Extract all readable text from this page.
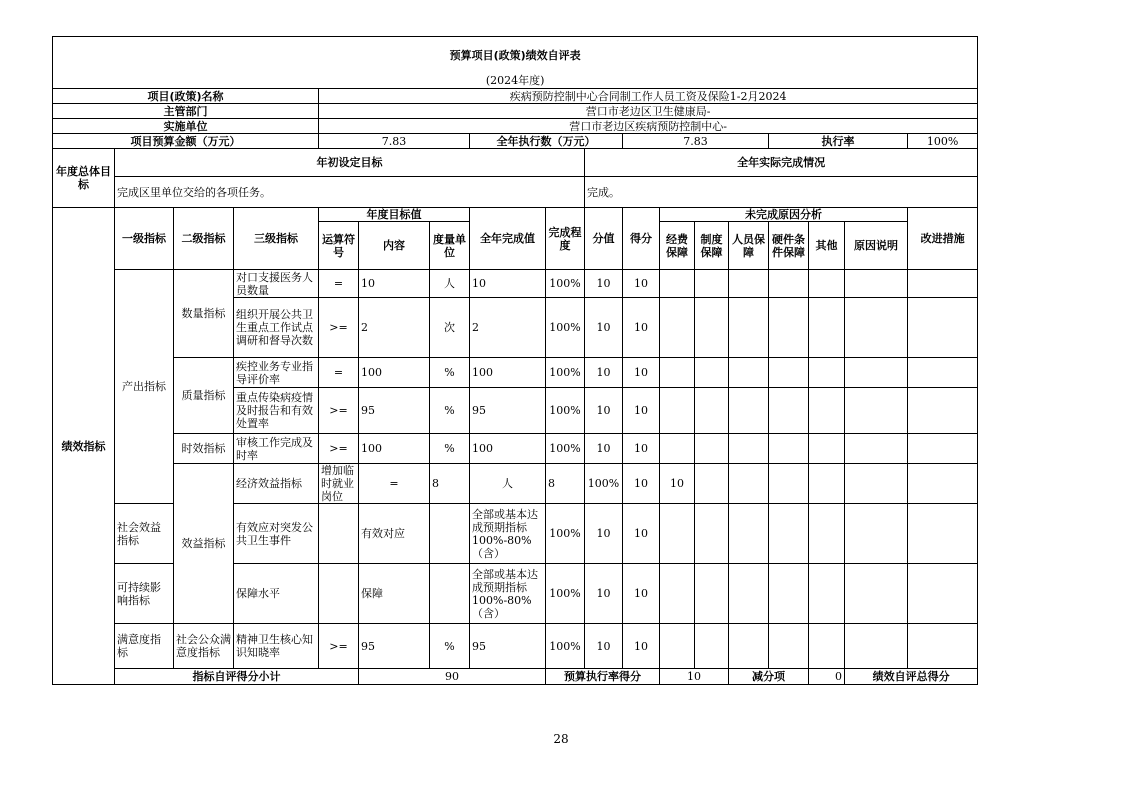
预算项目(政策)绩效自评表																		
(2024年度)																		
项目(政策)名称				疾病预防控制中心合同制工作人员工资及保险1-2月2024														
主管部门				营口市老边区卫生健康局-														
实施单位				营口市老边区疾病预防控制中心-														
项目预算金额（万元）				7.83			全年执行数（万元）			7.83				执行率			100%	
年度总体目标	年初设定目标								全年实际完成情况									
	完成区里单位交给的各项任务。								完成。									
绩效指标	一级指标	二级指标	三级指标	年度目标值			全年完成值	完成程度	分值	得分	未完成原因分析						改进措施	
				运算符号	内容	度量单位					经费保障	制度保障	人员保障	硬件条件保障	其他	原因说明		
	产出指标	数量指标	对口支援医务人员数量	=	10	人	10	100%	10	10								
			组织开展公共卫生重点工作试点调研和督导次数	>=	2	次	2	100%	10	10								
		质量指标	疾控业务专业指导评价率	=	100	%	100	100%	10	10								
			重点传染病疫情及时报告和有效处置率	>=	95	%	95	100%	10	10								
		时效指标	审核工作完成及时率	>=	100	%	100	100%	10	10								
		效益指标	经济效益指标	增加临时就业岗位	=	8	人	8	100%	10	10							
	社会效益指标		有效应对突发公共卫生事件		有效对应		全部或基本达成预期指标100%-80%（含）	100%	10	10								
	可持续影响指标		保障水平		保障		全部或基本达成预期指标100%-80%（含）	100%	10	10								
	满意度指标	社会公众满意度指标	精神卫生核心知识知晓率	>=	95	%	95	100%	10	10								
	指标自评得分小计				90			预算执行率得分			10		减分项		0	绩效自评总得分	
28
